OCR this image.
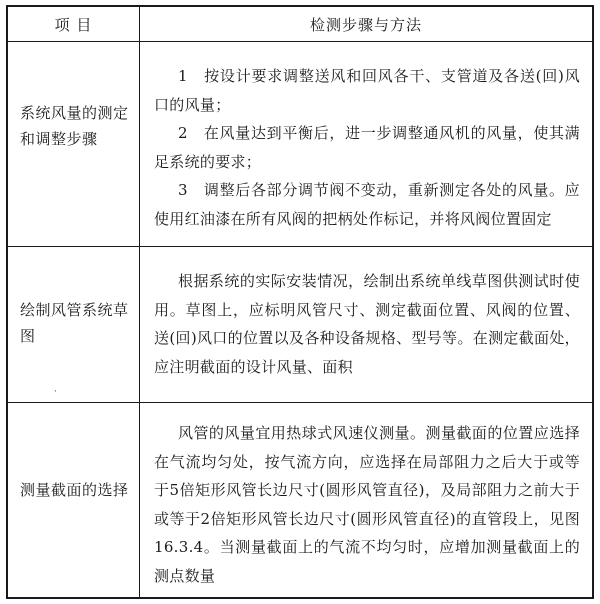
项 目	检测步骤与方法
系统风量的测定和调整步骤

1　按设计要求调整送风和回风各干、支管道及各送(回)风口的风量；

2　在风量达到平衡后，进一步调整通风机的风量，使其满足系统的要求；

3　调整后各部分调节阀不变动，重新测定各处的风量。应使用红油漆在所有风阀的把柄处作标记，并将风阀位置固定

绘制风管系统草图
·

根据系统的实际安装情况，绘制出系统单线草图供测试时使用。草图上，应标明风管尺寸、测定截面位置、风阀的位置、送(回)风口的位置以及各种设备规格、型号等。在测定截面处，应注明截面的设计风量、面积

测量截面的选择

风管的风量宜用热球式风速仪测量。测量截面的位置应选择在气流均匀处，按气流方向，应选择在局部阻力之后大于或等于5倍矩形风管长边尺寸(圆形风管直径)，及局部阻力之前大于或等于2倍矩形风管长边尺寸(圆形风管直径)的直管段上，见图16.3.4。当测量截面上的气流不均匀时，应增加测量截面上的测点数量
